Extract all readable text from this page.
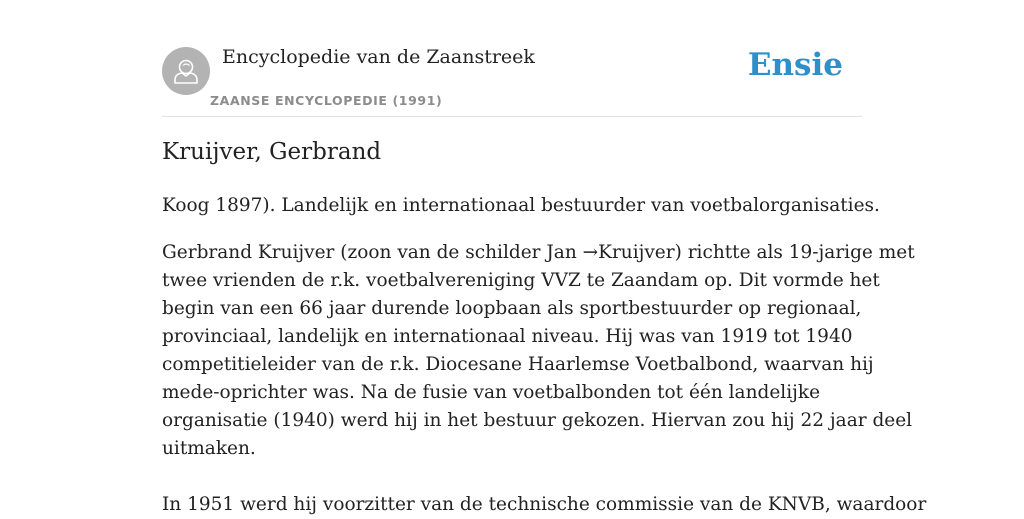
Encyclopedie van de Zaanstreek
ZAANSE ENCYCLOPEDIE (1991)
Ensie
Kruijver, Gerbrand

Koog 1897). Landelijk en internationaal bestuurder van voetbalorganisaties.

Gerbrand Kruijver (zoon van de schilder Jan →Kruijver) richtte als 19-jarige met
twee vrienden de r.k. voetbalvereniging VVZ te Zaandam op. Dit vormde het
begin van een 66 jaar durende loopbaan als sportbestuurder op regionaal,
provinciaal, landelijk en internationaal niveau. Hij was van 1919 tot 1940
competitieleider van de r.k. Diocesane Haarlemse Voetbalbond, waarvan hij
mede-oprichter was. Na de fusie van voetbalbonden tot één landelijke
organisatie (1940) werd hij in het bestuur gekozen. Hiervan zou hij 22 jaar deel
uitmaken.
In 1951 werd hij voorzitter van de technische commissie van de KNVB, waardoor
